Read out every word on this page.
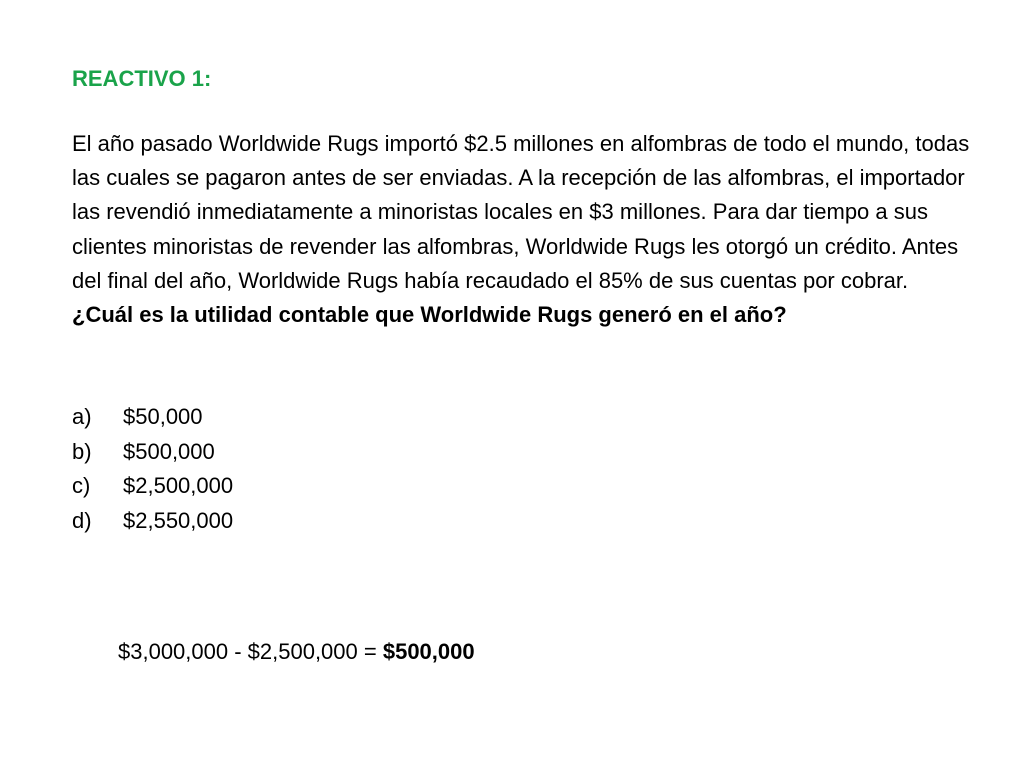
REACTIVO 1:

El año pasado Worldwide Rugs importó $2.5 millones en alfombras de todo el mundo, todas las cuales se pagaron antes de ser enviadas. A la recepción de las alfombras, el importador las revendió inmediatamente a minoristas locales en $3 millones. Para dar tiempo a sus clientes minoristas de revender las alfombras, Worldwide Rugs les otorgó un crédito. Antes del final del año, Worldwide Rugs había recaudado el 85% de sus cuentas por cobrar. ¿Cuál es la utilidad contable que Worldwide Rugs generó en el año?

a) $50,000
b) $500,000
c) $2,500,000
d) $2,550,000
$3,000,000 - $2,500,000 = $500,000
